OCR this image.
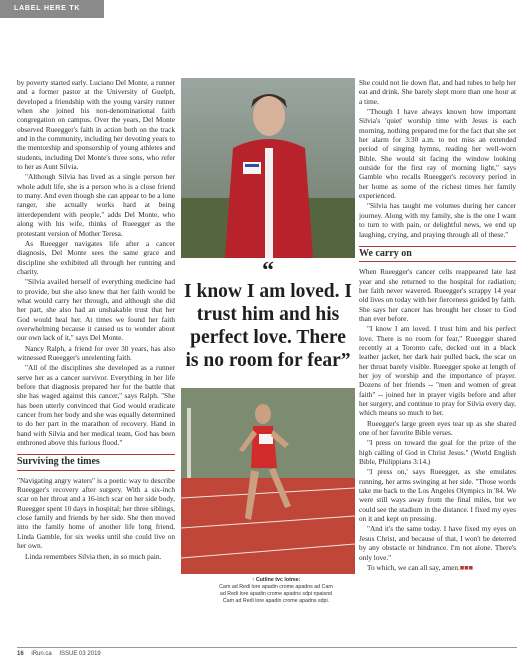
LABEL HERE TK

by poverty started early. Luciano Del Monte, a runner and a former pastor at the University of Guelph, developed a friendship with the young varsity runner when she joined his non-denominational faith congregation on campus. Over the years, Del Monte observed Rueegger's faith in action both on the track and in the community, including her devoting years to the mentorship and sponsorship of young athletes and students, including Del Monte's three sons, who refer to her as Aunt Silvia.

"Although Silvia has lived as a single person her whole adult life, she is a person who is a close friend to many. And even though she can appear to be a lone ranger, she actually works hard at being interdependent with people," adds Del Monte, who along with his wife, thinks of Rueegger as the protestant version of Mother Teresa.

As Rueegger navigates life after a cancer diagnosis, Del Monte sees the same grace and discipline she exhibited all through her running and charity.

"Silvia availed herself of everything medicine had to provide, but she also knew that her faith would be what would carry her through, and although she did her part, she also had an unshakable trust that her God would heal her. At times we found her faith overwhelming because it caused us to wonder about our own lack of it," says Del Monte.

Nancy Ralph, a friend for over 30 years, has also witnessed Rueegger's unrelenting faith.

"All of the disciplines she developed as a runner serve her as a cancer survivor. Everything in her life before that diagnosis prepared her for the battle that she has waged against this cancer," says Ralph. "She has been utterly convinced that God would eradicate cancer from her body and she was equally determined to do her part in the marathon of recovery. Hand in hand with Silvia and her medical team, God has been enthroned above this furious flood."

Surviving the times

"Navigating angry waters" is a poetic way to describe Rueegger's recovery after surgery. With a six-inch scar on her throat and a 16-inch scar on her side body, Rueegger spent 10 days in hospital; her three siblings, close family and friends by her side. She then moved into the family home of another life long friend, Linda Gamble, for six weeks until she could live on her own.

Linda remembers Silvia then, in so much pain.

“
I know I am loved. I trust him and his perfect love. There is no room for fear”
↑ Cutline tvc lotme:
Cam ad Redi lore apadin crome apadns ad Cam ad Redi lore apadin crome apadns sdpi npaisnd Cam ad Redi lore apadin crome apadns sdpi.

She could not lie down flat, and had tubes to help her eat and drink. She barely slept more than one hour at a time.

"Though I have always known how important Silvia's 'quiet' worship time with Jesus is each morning, nothing prepared me for the fact that she set her alarm for 3:30 a.m. to not miss an extended period of singing hymns, reading her well-worn Bible. She would sit facing the window looking outside for the first ray of morning light," says Gamble who recalls Rueegger's recovery period in her home as some of the richest times her family experienced.

"Silvia has taught me volumes during her cancer journey. Along with my family, she is the one I want to turn to with pain, or delightful news, we end up laughing, crying, and praying through all of these."

We carry on

When Rueegger's cancer cells reappeared late last year and she returned to the hospital for radiation; her faith never wavered. Rueegger's scrappy 14 year old lives on today with her fierceness guided by faith. She says her cancer has brought her closer to God than ever before.

"I know I am loved. I trust him and his perfect love. There is no room for fear," Rueegger shared recently at a Toronto cafe, decked out in a black leather jacket, her dark hair pulled back, the scar on her throat barely visible. Rueegger spoke at length of her joy of worship and the importance of prayer. Dozens of her friends -- "men and women of great faith" -- joined her in prayer vigils before and after her surgery, and continue to pray for Silvia every day, which means so much to her.

Rueegger's large green eyes tear up as she shared one of her favorite Bible verses.

"I press on toward the goal for the prize of the high calling of God in Christ Jesus." (World English Bible, Philippians 3:14.)

"I press on,' says Rueegger, as she emulates running, her arms swinging at her side. "Those words take me back to the Los Angeles Olympics in '84. We were still ways away from the final miles, but we could see the stadium in the distance. I fixed my eyes on it and kept on pressing.

"And it's the same today. I have fixed my eyes on Jesus Christ, and because of that, I won't be deterred by any obstacle or hindrance. I'm not alone. There's only love."

To which, we can all say, amen.■■■

16 iRun.ca ISSUE 03 2019
